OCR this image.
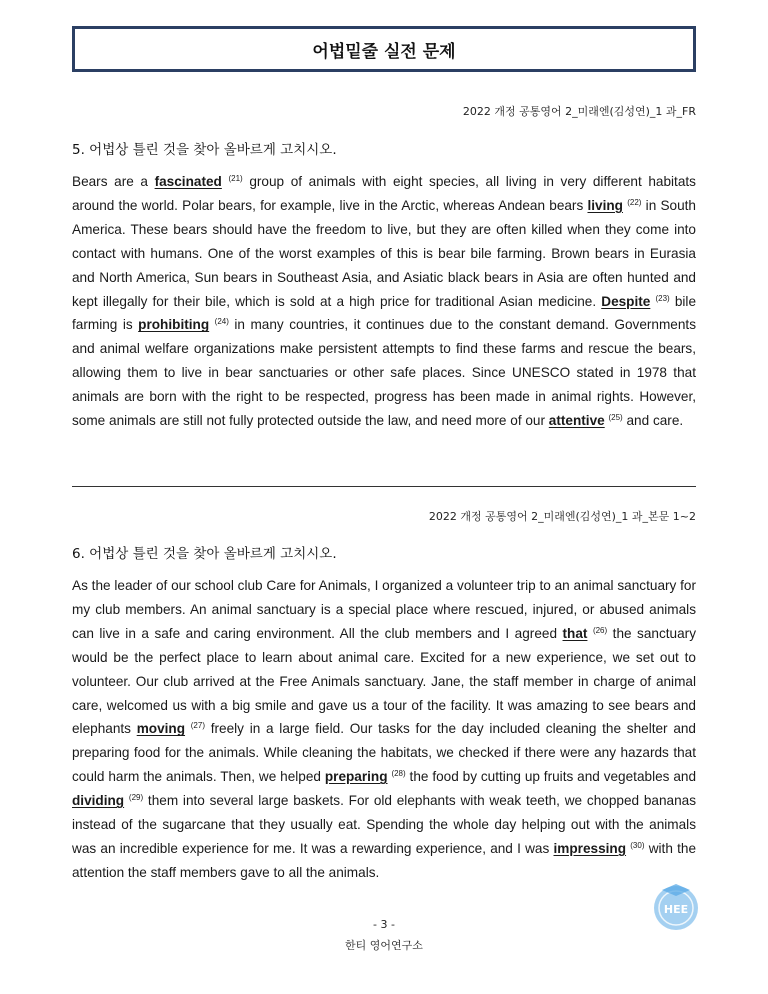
어법밑줄 실전 문제
2022 개정 공통영어 2_미래엔(김성연)_1 과_FR
5. 어법상 틀린 것을 찾아 올바르게 고치시오.
Bears are a fascinated $^{(21)}$ group of animals with eight species, all living in very different habitats around the world. Polar bears, for example, live in the Arctic, whereas Andean bears living $^{(22)}$ in South America. These bears should have the freedom to live, but they are often killed when they come into contact with humans. One of the worst examples of this is bear bile farming. Brown bears in Eurasia and North America, Sun bears in Southeast Asia, and Asiatic black bears in Asia are often hunted and kept illegally for their bile, which is sold at a high price for traditional Asian medicine. Despite $^{(23)}$ bile farming is prohibiting $^{(24)}$ in many countries, it continues due to the constant demand. Governments and animal welfare organizations make persistent attempts to find these farms and rescue the bears, allowing them to live in bear sanctuaries or other safe places. Since UNESCO stated in 1978 that animals are born with the right to be respected, progress has been made in animal rights. However, some animals are still not fully protected outside the law, and need more of our attentive $^{(25)}$ and care.
2022 개정 공통영어 2_미래엔(김성연)_1 과_본문 1~2
6. 어법상 틀린 것을 찾아 올바르게 고치시오.
As the leader of our school club Care for Animals, I organized a volunteer trip to an animal sanctuary for my club members. An animal sanctuary is a special place where rescued, injured, or abused animals can live in a safe and caring environment. All the club members and I agreed that $^{(26)}$ the sanctuary would be the perfect place to learn about animal care. Excited for a new experience, we set out to volunteer. Our club arrived at the Free Animals sanctuary. Jane, the staff member in charge of animal care, welcomed us with a big smile and gave us a tour of the facility. It was amazing to see bears and elephants moving $^{(27)}$ freely in a large field. Our tasks for the day included cleaning the shelter and preparing food for the animals. While cleaning the habitats, we checked if there were any hazards that could harm the animals. Then, we helped preparing $^{(28)}$ the food by cutting up fruits and vegetables and dividing $^{(29)}$ them into several large baskets. For old elephants with weak teeth, we chopped bananas instead of the sugarcane that they usually eat. Spending the whole day helping out with the animals was an incredible experience for me. It was a rewarding experience, and I was impressing $^{(30)}$ with the attention the staff members gave to all the animals.
HEE
- 3 -
한티 영어연구소
